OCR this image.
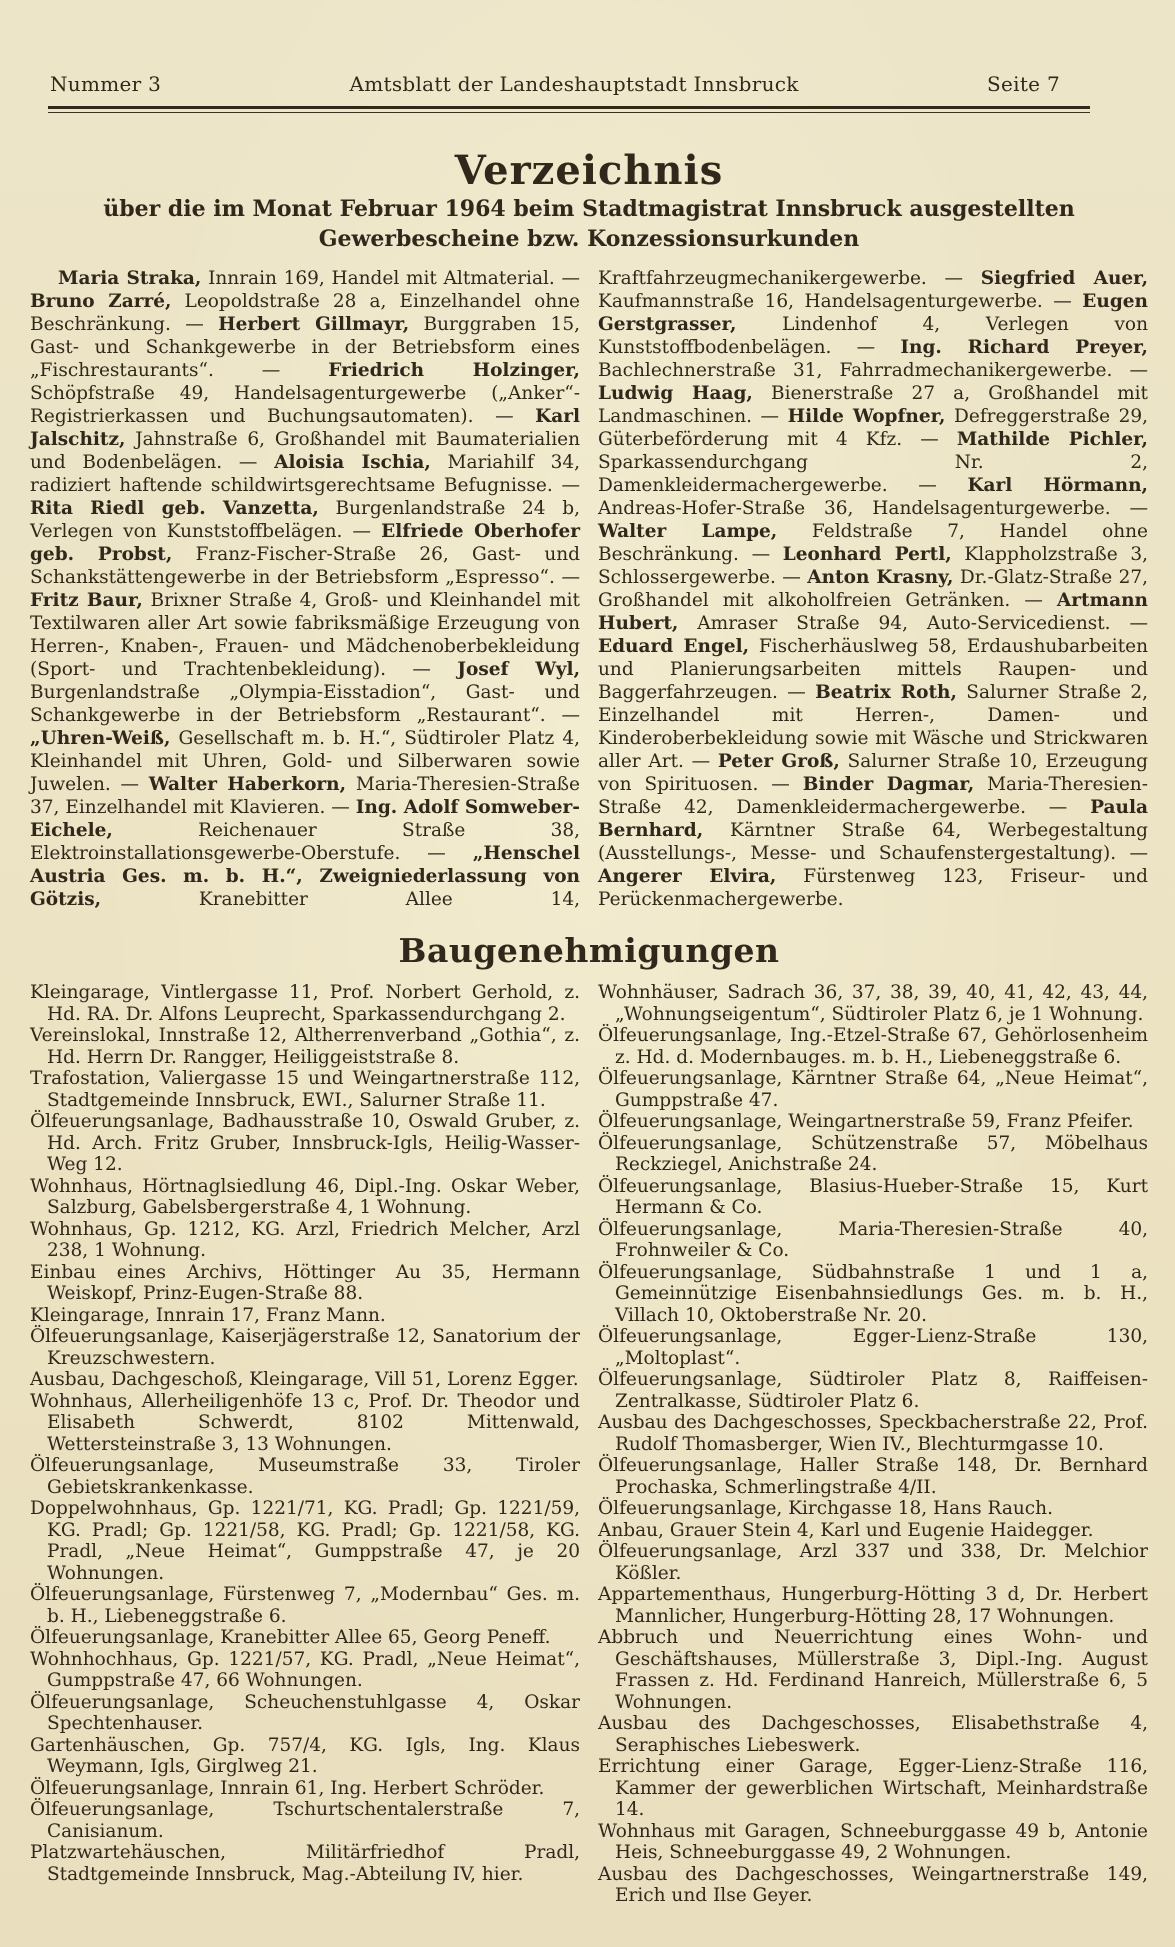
Nummer 3	Amtsblatt der Landeshauptstadt Innsbruck	Seite 7
Verzeichnis
über die im Monat Februar 1964 beim Stadtmagistrat Innsbruck ausgestellten
Gewerbescheine bzw. Konzessionsurkunden

Maria Straka, Innrain 169, Handel mit Altmaterial. — Bruno Zarré, Leopoldstraße 28 a, Einzelhandel ohne Beschränkung. — Herbert Gillmayr, Burggraben 15, Gast- und Schankgewerbe in der Betriebsform eines „Fischrestaurants“. — Friedrich Holzinger, Schöpfstraße 49, Handelsagenturgewerbe („Anker“-Registrierkassen und Buchungsautomaten). — Karl Jalschitz, Jahnstraße 6, Großhandel mit Baumaterialien und Bodenbelägen. — Aloisia Ischia, Mariahilf 34, radiziert haftende schildwirtsgerechtsame Befugnisse. — Rita Riedl geb. Vanzetta, Burgenlandstraße 24 b, Verlegen von Kunststoffbelägen. — Elfriede Oberhofer geb. Probst, Franz-Fischer-Straße 26, Gast- und Schankstättengewerbe in der Betriebsform „Espresso“. — Fritz Baur, Brixner Straße 4, Groß- und Kleinhandel mit Textilwaren aller Art sowie fabriksmäßige Erzeugung von Herren-, Knaben-, Frauen- und Mädchenoberbekleidung (Sport- und Trachtenbekleidung). — Josef Wyl, Burgenlandstraße „Olympia-Eisstadion“, Gast- und Schankgewerbe in der Betriebsform „Restaurant“. — „Uhren-Weiß, Gesellschaft m. b. H.“, Südtiroler Platz 4, Kleinhandel mit Uhren, Gold- und Silberwaren sowie Juwelen. — Walter Haberkorn, Maria-Theresien-Straße 37, Einzelhandel mit Klavieren. — Ing. Adolf Somweber-Eichele, Reichenauer Straße 38, Elektroinstallationsgewerbe-Oberstufe. — „Henschel Austria Ges. m. b. H.“, Zweigniederlassung von Götzis, Kranebitter Allee 14, Kraftfahrzeugmechanikergewerbe. — Siegfried Auer, Kaufmannstraße 16, Handelsagenturgewerbe. — Eugen Gerstgrasser, Lindenhof 4, Verlegen von Kunststoffbodenbelägen. — Ing. Richard Preyer, Bachlechnerstraße 31, Fahrradmechanikergewerbe. — Ludwig Haag, Bienerstraße 27 a, Großhandel mit Landmaschinen. — Hilde Wopfner, Defreggerstraße 29, Güterbeförderung mit 4 Kfz. — Mathilde Pichler, Sparkassendurchgang Nr. 2, Damenkleidermachergewerbe. — Karl Hörmann, Andreas-Hofer-Straße 36, Handelsagenturgewerbe. — Walter Lampe, Feldstraße 7, Handel ohne Beschränkung. — Leonhard Pertl, Klappholzstraße 3, Schlossergewerbe. — Anton Krasny, Dr.-Glatz-Straße 27, Großhandel mit alkoholfreien Getränken. — Artmann Hubert, Amraser Straße 94, Auto-Servicedienst. — Eduard Engel, Fischerhäuslweg 58, Erdaushubarbeiten und Planierungsarbeiten mittels Raupen- und Baggerfahrzeugen. — Beatrix Roth, Salurner Straße 2, Einzelhandel mit Herren-, Damen- und Kinderoberbekleidung sowie mit Wäsche und Strickwaren aller Art. — Peter Groß, Salurner Straße 10, Erzeugung von Spirituosen. — Binder Dagmar, Maria-Theresien-Straße 42, Damenkleidermachergewerbe. — Paula Bernhard, Kärntner Straße 64, Werbegestaltung (Ausstellungs-, Messe- und Schaufenstergestaltung). — Angerer Elvira, Fürstenweg 123, Friseur- und Perückenmachergewerbe.

Baugenehmigungen
Kleingarage, Vintlergasse 11, Prof. Norbert Gerhold, z. Hd. RA. Dr. Alfons Leuprecht, Sparkassendurchgang 2.
Vereinslokal, Innstraße 12, Altherrenverband „Gothia“, z. Hd. Herrn Dr. Rangger, Heiliggeiststraße 8.
Trafostation, Valiergasse 15 und Weingartnerstraße 112, Stadtgemeinde Innsbruck, EWI., Salurner Straße 11.
Ölfeuerungsanlage, Badhausstraße 10, Oswald Gruber, z. Hd. Arch. Fritz Gruber, Innsbruck-Igls, Heilig-Wasser-Weg 12.
Wohnhaus, Hörtnaglsiedlung 46, Dipl.-Ing. Oskar Weber, Salzburg, Gabelsbergerstraße 4, 1 Wohnung.
Wohnhaus, Gp. 1212, KG. Arzl, Friedrich Melcher, Arzl 238, 1 Wohnung.
Einbau eines Archivs, Höttinger Au 35, Hermann Weiskopf, Prinz-Eugen-Straße 88.
Kleingarage, Innrain 17, Franz Mann.
Ölfeuerungsanlage, Kaiserjägerstraße 12, Sanatorium der Kreuzschwestern.
Ausbau, Dachgeschoß, Kleingarage, Vill 51, Lorenz Egger.
Wohnhaus, Allerheiligenhöfe 13 c, Prof. Dr. Theodor und Elisabeth Schwerdt, 8102 Mittenwald, Wettersteinstraße 3, 13 Wohnungen.
Ölfeuerungsanlage, Museumstraße 33, Tiroler Gebietskrankenkasse.
Doppelwohnhaus, Gp. 1221/71, KG. Pradl; Gp. 1221/59, KG. Pradl; Gp. 1221/58, KG. Pradl; Gp. 1221/58, KG. Pradl, „Neue Heimat“, Gumppstraße 47, je 20 Wohnungen.
Ölfeuerungsanlage, Fürstenweg 7, „Modernbau“ Ges. m. b. H., Liebeneggstraße 6.
Ölfeuerungsanlage, Kranebitter Allee 65, Georg Peneff.
Wohnhochhaus, Gp. 1221/57, KG. Pradl, „Neue Heimat“, Gumppstraße 47, 66 Wohnungen.
Ölfeuerungsanlage, Scheuchenstuhlgasse 4, Oskar Spechtenhauser.
Gartenhäuschen, Gp. 757/4, KG. Igls, Ing. Klaus Weymann, Igls, Girglweg 21.
Ölfeuerungsanlage, Innrain 61, Ing. Herbert Schröder.
Ölfeuerungsanlage, Tschurtschentalerstraße 7, Canisianum.
Platzwartehäuschen, Militärfriedhof Pradl, Stadtgemeinde Innsbruck, Mag.-Abteilung IV, hier.
Wohnhäuser, Sadrach 36, 37, 38, 39, 40, 41, 42, 43, 44, „Wohnungseigentum“, Südtiroler Platz 6, je 1 Wohnung.
Ölfeuerungsanlage, Ing.-Etzel-Straße 67, Gehörlosenheim z. Hd. d. Modernbauges. m. b. H., Liebeneggstraße 6.
Ölfeuerungsanlage, Kärntner Straße 64, „Neue Heimat“, Gumppstraße 47.
Ölfeuerungsanlage, Weingartnerstraße 59, Franz Pfeifer.
Ölfeuerungsanlage, Schützenstraße 57, Möbelhaus Reckziegel, Anichstraße 24.
Ölfeuerungsanlage, Blasius-Hueber-Straße 15, Kurt Hermann & Co.
Ölfeuerungsanlage, Maria-Theresien-Straße 40, Frohnweiler & Co.
Ölfeuerungsanlage, Südbahnstraße 1 und 1 a, Gemeinnützige Eisenbahnsiedlungs Ges. m. b. H., Villach 10, Oktoberstraße Nr. 20.
Ölfeuerungsanlage, Egger-Lienz-Straße 130, „Moltoplast“.
Ölfeuerungsanlage, Südtiroler Platz 8, Raiffeisen-Zentralkasse, Südtiroler Platz 6.
Ausbau des Dachgeschosses, Speckbacherstraße 22, Prof. Rudolf Thomasberger, Wien IV., Blechturmgasse 10.
Ölfeuerungsanlage, Haller Straße 148, Dr. Bernhard Prochaska, Schmerlingstraße 4/II.
Ölfeuerungsanlage, Kirchgasse 18, Hans Rauch.
Anbau, Grauer Stein 4, Karl und Eugenie Haidegger.
Ölfeuerungsanlage, Arzl 337 und 338, Dr. Melchior Kößler.
Appartementhaus, Hungerburg-Hötting 3 d, Dr. Herbert Mannlicher, Hungerburg-Hötting 28, 17 Wohnungen.
Abbruch und Neuerrichtung eines Wohn- und Geschäftshauses, Müllerstraße 3, Dipl.-Ing. August Frassen z. Hd. Ferdinand Hanreich, Müllerstraße 6, 5 Wohnungen.
Ausbau des Dachgeschosses, Elisabethstraße 4, Seraphisches Liebeswerk.
Errichtung einer Garage, Egger-Lienz-Straße 116, Kammer der gewerblichen Wirtschaft, Meinhardstraße 14.
Wohnhaus mit Garagen, Schneeburggasse 49 b, Antonie Heis, Schneeburggasse 49, 2 Wohnungen.
Ausbau des Dachgeschosses, Weingartnerstraße 149, Erich und Ilse Geyer.
